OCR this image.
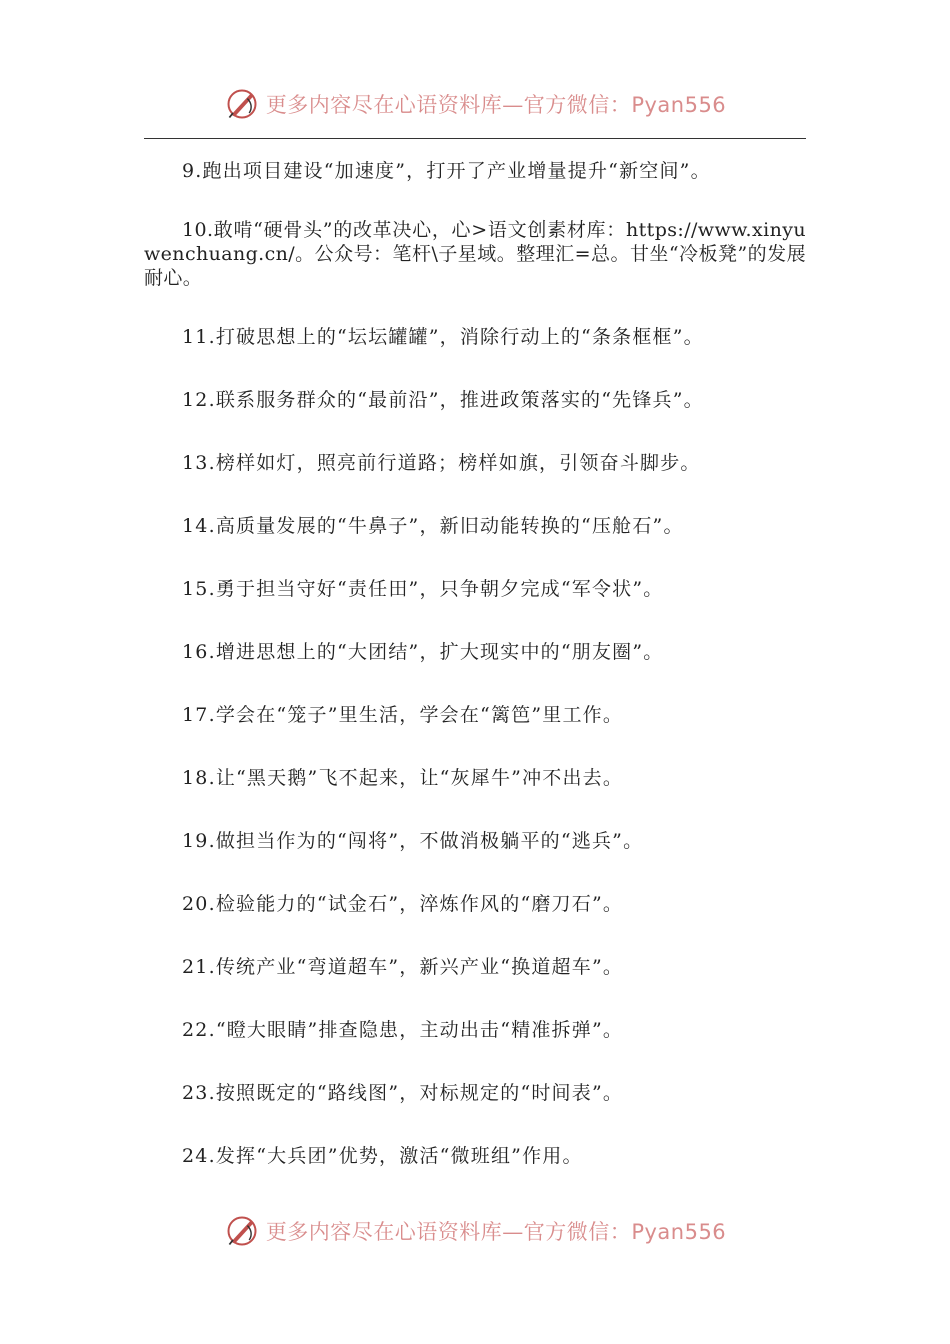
更多内容尽在心语资料库—官方微信：Pyan556

9.跑出项目建设“加速度”，打开了产业增量提升“新空间”。

10.敢啃“硬骨头”的改革决心，心>语文创素材库：https://www.xinyuwenchuang.cn/。公众号：笔杆\子星域。整理汇=总。甘坐“冷板凳”的发展耐心。

11.打破思想上的“坛坛罐罐”，消除行动上的“条条框框”。

12.联系服务群众的“最前沿”，推进政策落实的“先锋兵”。

13.榜样如灯，照亮前行道路；榜样如旗，引领奋斗脚步。

14.高质量发展的“牛鼻子”，新旧动能转换的“压舱石”。

15.勇于担当守好“责任田”，只争朝夕完成“军令状”。

16.增进思想上的“大团结”，扩大现实中的“朋友圈”。

17.学会在“笼子”里生活，学会在“篱笆”里工作。

18.让“黑天鹅”飞不起来，让“灰犀牛”冲不出去。

19.做担当作为的“闯将”，不做消极躺平的“逃兵”。

20.检验能力的“试金石”，淬炼作风的“磨刀石”。

21.传统产业“弯道超车”，新兴产业“换道超车”。

22.“瞪大眼睛”排查隐患，主动出击“精准拆弹”。

23.按照既定的“路线图”，对标规定的“时间表”。

24.发挥“大兵团”优势，激活“微班组”作用。

更多内容尽在心语资料库—官方微信：Pyan556
